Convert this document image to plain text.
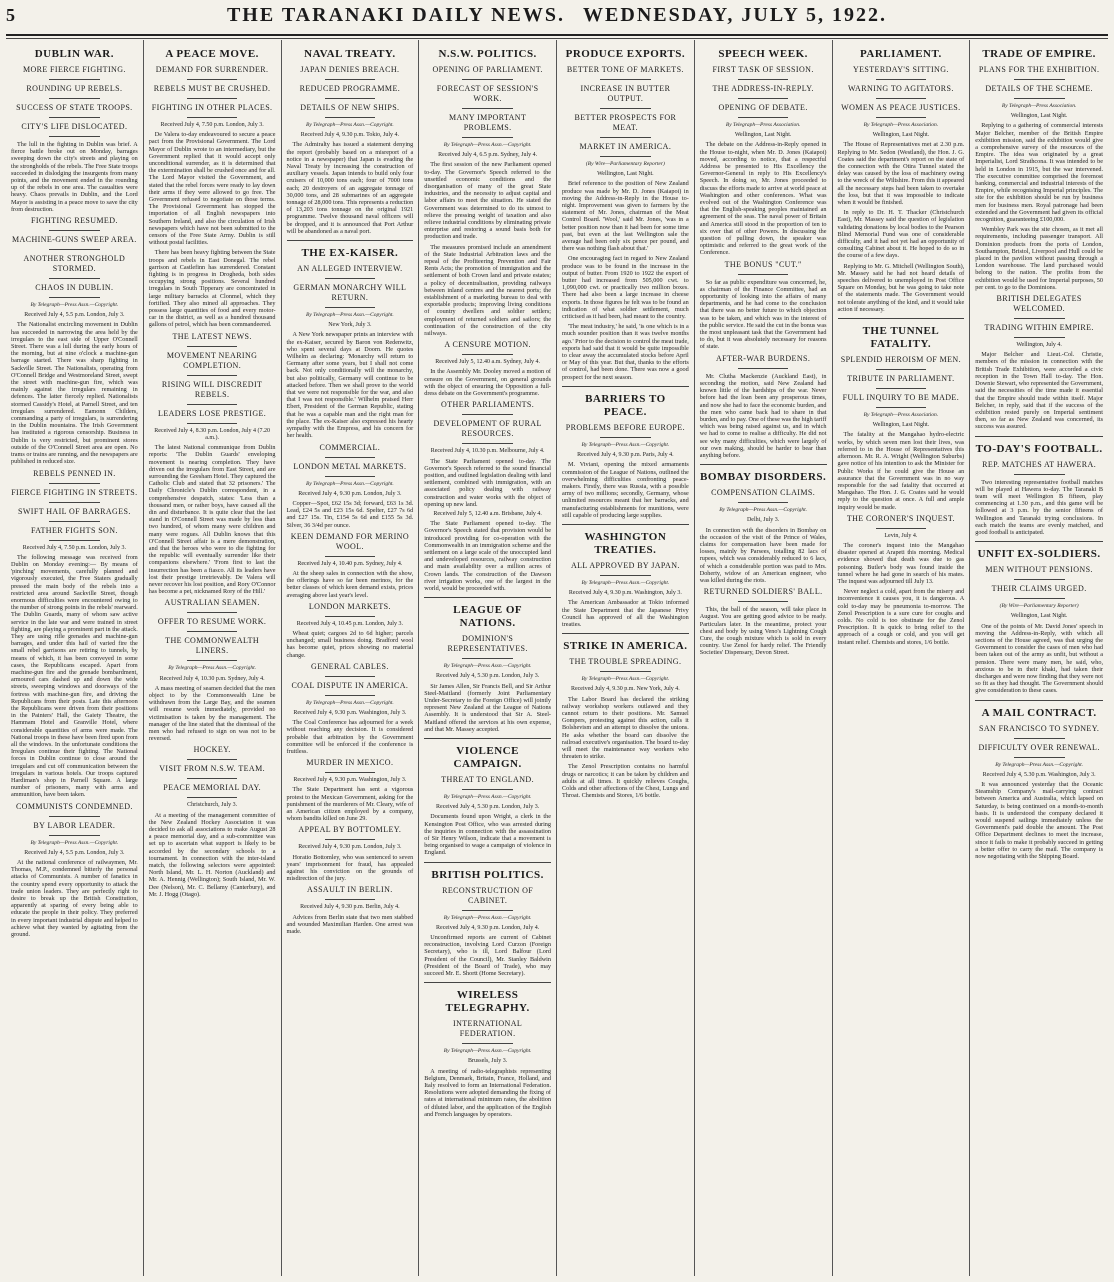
5	THE TARANAKI DAILY NEWS. WEDNESDAY, JULY 5, 1922.
DUBLIN WAR.
MORE FIERCE FIGHTING.
ROUNDING UP REBELS.
SUCCESS OF STATE TROOPS.
CITY'S LIFE DISLOCATED.

The lull in the fighting in Dublin was brief. A fierce battle broke out on Monday, barrages sweeping down the city's streets and playing on the strongholds of the rebels. The Free State troops succeeded in dislodging the insurgents from many points, and the movement ended in the rounding up of the rebels in one area. The casualties were heavy. Chaos prevails in Dublin, and the Lord Mayor is assisting in a peace move to save the city from destruction.

FIGHTING RESUMED.
MACHINE-GUNS SWEEP AREA.
ANOTHER STRONGHOLD STORMED.
CHAOS IN DUBLIN.
By Telegraph—Press Assn.—Copyright.
Received July 4, 5.5 p.m. London, July 3.

The Nationalist encircling movement in Dublin has succeeded in narrowing the area held by the irregulars to the east side of Upper O'Connell Street. There was a lull during the early hours of the morning, but at nine o'clock a machine-gun barrage started. There was sharp fighting in Sackville Street. The Nationalists, operating from O'Connell Bridge and Westmoreland Street, swept the street with machine-gun fire, which was mainly against the irregulars remaining in defences. The latter fiercely replied. Nationalists stormed Cassidy's Hotel, at Parnell Street, and ten irregulars surrendered. Eamonn Childers, commanding a party of irregulars, is surrendering in the Dublin mountains. The Irish Government has instituted a rigorous censorship. Business in Dublin is very restricted, but prominent stores outside of the O'Connell Street area are open. No trams or trains are running, and the newspapers are published in reduced size.

REBELS PENNED IN.
FIERCE FIGHTING IN STREETS.
SWIFT HAIL OF BARRAGES.
FATHER FIGHTS SON.
Received July 4, 7.50 p.m. London, July 3.

The following message was received from Dublin on Monday evening:— By means of 'pinching' movements, carefully planned and vigorously executed, the Free Staters gradually pressed the main body of the rebels into a restricted area around Sackville Street, though enormous difficulties were encountered owing to the number of strong points in the rebels' rearward. The Dublin Guards, many of whom saw active service in the late war and were trained in street fighting, are playing a prominent part in the attack. They are using rifle grenades and machine-gun barrages, and under this hail of varied fire the small rebel garrisons are retiring to tunnels, by means of which, it has been conveyed in some cases, the Republicans escaped. Apart from machine-gun fire and the grenade bombardment, armoured cars dashed up and down the wide streets, sweeping windows and doorways of the fortress with machine-gun fire, and driving the Republicans from their posts. Late this afternoon the Republicans were driven from their positions in the Painters' Hall, the Gaiety Theatre, the Hammam Hotel and Granville Hotel, where considerable quantities of arms were made. The National troops in these have been fired upon from all the windows. In the unfortunate conditions the Irregulars continue their fighting. The National forces in Dublin continue to close around the irregulars and cut off communication between the irregulars in various hotels. Our troops captured Hardiman's shop in Parnell Square. A large number of prisoners, many with arms and ammunition, have been taken.

COMMUNISTS CONDEMNED.
BY LABOR LEADER.
By Telegraph—Press Assn.—Copyright.
Received July 4, 5.5 p.m. London, July 3.

At the national conference of railwaymen, Mr. Thomas, M.P., condemned bitterly the personal attacks of Communists. A number of fanatics in the country spend every opportunity to attack the trade union leaders. They are perfectly right to desire to break up the British Constitution, apparently at sparing of every being able to educate the people in their policy. They preferred in every important industrial dispute and helped to achieve what they wanted by agitating from the ground.

A PEACE MOVE.
DEMAND FOR SURRENDER.
REBELS MUST BE CRUSHED.
FIGHTING IN OTHER PLACES.
Received July 4, 7.50 p.m. London, July 3.

De Valera to-day endeavoured to secure a peace pact from the Provisional Government. The Lord Mayor of Dublin wrote to an intermediary, but the Government replied that it would accept only unconditional surrender, as it is determined that the extermination shall be crushed once and for all. The Lord Mayor visited the Government, and stated that the rebel forces were ready to lay down their arms if they were allowed to go free. The Government refused to negotiate on those terms. The Provisional Government has stopped the importation of all English newspapers into Southern Ireland, and also the circulation of Irish newspapers which have not been submitted to the censors of the Free State Army. Dublin is still without postal facilities.

There has been heavy fighting between the State troops and rebels in East Donegal. The rebel garrison at Castlefinn has surrendered. Constant fighting is in progress in Drogheda, both sides occupying strong positions. Several hundred irregulars in South Tipperary are concentrated in large military barracks at Clonmel, which they fortified. They also mined all approaches. They possess large quantities of food and every motor-car in the district, as well as a hundred thousand gallons of petrol, which has been commandeered.

THE LATEST NEWS.
MOVEMENT NEARING COMPLETION.
RISING WILL DISCREDIT REBELS.
LEADERS LOSE PRESTIGE.
Received July 4, 8.30 p.m. London, July 4 (7.20 a.m.).

The latest National communique from Dublin reports: 'The Dublin Guards' enveloping movement is nearing completion. They have driven out the irregulars from East Street, and are surrounding the Gresham Hotel. They captured the Catholic Club and stated that 32 prisoners.' The Daily Chronicle's Dublin correspondent, in a comprehensive despatch, states: 'Less than a thousand men, or rather boys, have caused all the din and disturbance. It is quite clear that the last stand in O'Connell Street was made by less than two hundred, of whom many were children and many were rogues. All Dublin knows that this O'Connell Street affair is a mere demonstration, and that the heroes who were to die fighting for the republic will eventually surrender like their companions elsewhere.' 'From first to last the insurrection has been a fiasco. All its leaders have lost their prestige irretrievably. De Valera will never recover his lost position, and Rory O'Connor has become a pet, nicknamed Rory of the Hill.'

AUSTRALIAN SEAMEN.
OFFER TO RESUME WORK.
THE COMMONWEALTH LINERS.
By Telegraph—Press Assn.—Copyright.
Received July 4, 10.30 p.m. Sydney, July 4.

A mass meeting of seamen decided that the men object to by the Commonwealth Line be withdrawn from the Large Bay, and the seamen will resume work immediately, provided no victimisation is taken by the management. The manager of the line stated that the dismissal of the men who had refused to sign on was not to be reversed.

HOCKEY.
VISIT FROM N.S.W. TEAM.
PEACE MEMORIAL DAY.
Christchurch, July 3.

At a meeting of the management committee of the New Zealand Hockey Association it was decided to ask all associations to make August 28 a peace memorial day, and a sub-committee was set up to ascertain what support is likely to be accorded by the secondary schools to a tournament. In connection with the inter-island match, the following selectors were appointed: North Island, Mr. L. H. Norton (Auckland) and Mr. A. Hennig (Wellington); South Island, Mr. W. Dee (Nelson), Mr. C. Bellamy (Canterbury), and Mr. J. Hogg (Otago).

NAVAL TREATY.
JAPAN DENIES BREACH.
REDUCED PROGRAMME.
DETAILS OF NEW SHIPS.
By Telegraph—Press Assn.—Copyright.
Received July 4, 9.30 p.m. Tokio, July 4.

The Admiralty has issued a statement denying the report (probably based on a misreport of a notice in a newspaper) that Japan is evading the Naval Treaty by increasing the construction of auxiliary vessels. Japan intends to build only four cruisers of 10,000 tons each; four of 7000 tons each; 20 destroyers of an aggregate tonnage of 30,000 tons, and 28 submarines of an aggregate tonnage of 28,000 tons. This represents a reduction of 13,203 tons tonnage on the original 1921 programme. Twelve thousand naval officers will be dropped, and it is announced that Port Arthur will be abandoned as a naval port.

THE EX-KAISER.
AN ALLEGED INTERVIEW.
GERMAN MONARCHY WILL RETURN.
By Telegraph—Press Assn.—Copyright.
New York, July 3.

A New York newspaper prints an interview with the ex-Kaiser, secured by Baron von Redenwitz, who spent several days at Doorn. He quotes Wilhelm as declaring: 'Monarchy will return to Germany after some years, but I shall not come back. Not only conditionally will the monarchy, but also politically, Germany will continue to be attacked before. Then we shall prove to the world that we were not responsible for the war, and also that I was not responsible.' Wilhelm praised Herr Ebert, President of the German Republic, stating that he was a capable man and the right man for the place. The ex-Kaiser also expressed his hearty sympathy with the Empress, and his concern for her health.

COMMERCIAL.
LONDON METAL MARKETS.
By Telegraph—Press Assn.—Copyright.
Received July 4, 9.30 p.m. London, July 3.

Copper—Spot, £62 15s 3d; forward, £63 1s 3d. Lead, £24 5s and £23 15s 6d. Spelter, £27 7s 6d and £27 15s. Tin, £154 5s 6d and £155 5s 3d. Silver, 36 3/4d per ounce.

KEEN DEMAND FOR MERINO WOOL.
Received July 4, 10.40 p.m. Sydney, July 4.

At the sheep sales in connection with the show, the offerings have so far been merinos, for the better classes of which keen demand exists, prices averaging above last year's level.

LONDON MARKETS.
Received July 4, 10.45 p.m. London, July 3.

Wheat quiet; cargoes 2d to 6d higher; parcels unchanged; small business doing. Bradford wool has become quiet, prices showing no material change.

GENERAL CABLES.
COAL DISPUTE IN AMERICA.
By Telegraph—Press Assn.—Copyright.
Received July 4, 9.30 p.m. Washington, July 3.

The Coal Conference has adjourned for a week without reaching any decision. It is considered probable that arbitration by the Government committee will be enforced if the conference is fruitless.

MURDER IN MEXICO.
Received July 4, 9.30 p.m. Washington, July 3.

The State Department has sent a vigorous protest to the Mexican Government, asking for the punishment of the murderers of Mr. Cleary, wife of an American citizen employed by a company, whom bandits killed on June 29.

APPEAL BY BOTTOMLEY.
Received July 4, 9.30 p.m. London, July 3.

Horatio Bottomley, who was sentenced to seven years' imprisonment for fraud, has appealed against his conviction on the grounds of misdirection of the jury.

ASSAULT IN BERLIN.
Received July 4, 9.30 p.m. Berlin, July 4.

Advices from Berlin state that two men stabbed and wounded Maximilian Harden. One arrest was made.

N.S.W. POLITICS.
OPENING OF PARLIAMENT.
FORECAST OF SESSION'S WORK.
MANY IMPORTANT PROBLEMS.
By Telegraph—Press Assn.—Copyright.
Received July 4, 6.5 p.m. Sydney, July 4.

The first session of the new Parliament opened to-day. The Governor's Speech referred to the unsettled economic conditions and the disorganisation of many of the great State industries, and the necessity to adjust capital and labor affairs to meet the situation. He stated the Government was determined to do its utmost to relieve the pressing weight of taxation and also relieve industrial conditions by eliminating private enterprise and restoring a sound basis both for production and trade.

The measures promised include an amendment of the State Industrial Arbitration laws and the repeal of the Profiteering Prevention and Fair Rents Acts; the promotion of immigration and the settlement of both Crown land and private estates; a policy of decentralisation, providing railways between inland centres and the nearest ports; the establishment of a marketing bureau to deal with exportable products; improving living conditions of country dwellers and soldier settlers; employment of returned soldiers and sailors; the continuation of the construction of the city railways.

A CENSURE MOTION.
Received July 5, 12.40 a.m. Sydney, July 4.

In the Assembly Mr. Dooley moved a motion of censure on the Government, on general grounds with the object of ensuring the Opposition a full-dress debate on the Government's programme.

OTHER PARLIAMENTS.
DEVELOPMENT OF RURAL RESOURCES.
Received July 4, 10.30 p.m. Melbourne, July 4.

The State Parliament opened to-day. The Governor's Speech referred to the sound financial position, and outlined legislation dealing with land settlement, combined with immigration, with an associated policy dealing with railway construction and water works with the object of opening up new land.

Received July 5, 12.40 a.m. Brisbane, July 4.

The State Parliament opened to-day. The Governor's Speech stated that provision would be introduced providing for co-operation with the Commonwealth in an immigration scheme and the settlement on a large scale of the unoccupied land and undeveloped resources, railway construction and main availability over a million acres of Crown lands. The construction of the Dawson river irrigation works, one of the largest in the world, would be proceeded with.

LEAGUE OF NATIONS.
DOMINION'S REPRESENTATIVES.
By Telegraph—Press Assn.—Copyright.
Received July 4, 5.30 p.m. London, July 3.

Sir James Allen, Sir Francis Bell, and Sir Arthur Steel-Maitland (formerly Joint Parliamentary Under-Secretary to the Foreign Office) will jointly represent New Zealand at the League of Nations Assembly. It is understood that Sir A. Steel-Maitland offered the services at his own expense, and that Mr. Massey accepted.

VIOLENCE CAMPAIGN.
THREAT TO ENGLAND.
By Telegraph—Press Assn.—Copyright.
Received July 4, 5.30 p.m. London, July 3.

Documents found upon Wright, a clerk in the Kensington Post Office, who was arrested during the inquiries in connection with the assassination of Sir Henry Wilson, indicate that a movement is being organised to wage a campaign of violence in England.

BRITISH POLITICS.
RECONSTRUCTION OF CABINET.
By Telegraph—Press Assn.—Copyright.
Received July 4, 9.30 p.m. London, July 4.

Unconfirmed reports are current of Cabinet reconstruction, involving Lord Curzon (Foreign Secretary), who is ill, Lord Balfour (Lord President of the Council), Mr. Stanley Baldwin (President of the Board of Trade), who may succeed Mr. E. Shortt (Home Secretary).

WIRELESS TELEGRAPHY.
INTERNATIONAL FEDERATION.
By Telegraph—Press Assn.—Copyright.
Brussels, July 3.

A meeting of radio-telegraphists representing Belgium, Denmark, Britain, France, Holland, and Italy resolved to form an International Federation. Resolutions were adopted demanding the fixing of rates at international minimum rates, the abolition of diluted labor, and the application of the English and French languages by operators.

PRODUCE EXPORTS.
BETTER TONE OF MARKETS.
INCREASE IN BUTTER OUTPUT.
BETTER PROSPECTS FOR MEAT.
MARKET IN AMERICA.
(By Wire—Parliamentary Reporter)
Wellington, Last Night.

Brief reference to the position of New Zealand produce was made by Mr. D. Jones (Kaiapoi) in moving the Address-in-Reply in the House to-night. Improvement was given to farmers by the statement of Mr. Jones, chairman of the Meat Control Board. 'Wool,' said Mr. Jones, 'was in a better position now than it had been for some time past, but even at the last Wellington sale the average had been only six pence per pound, and there was nothing flash about that.'

One encouraging fact in regard to New Zealand produce was to be found in the increase in the output of butter. From 1920 to 1922 the export of butter had increased from 505,000 cwt. to 1,090,000 cwt. or practically two million boxes. There had also been a large increase in cheese exports. In those figures he felt was to be found an indication of what soldier settlement, much criticised as it had been, had meant to the country.

'The meat industry,' he said, 'is one which is in a much sounder position than it was twelve months ago.' Prior to the decision to control the meat trade, exports had said that it would be quite impossible to clear away the accumulated stocks before April or May of this year. But that, thanks to the efforts of control, had been done. There was now a good prospect for the next season.

BARRIERS TO PEACE.
PROBLEMS BEFORE EUROPE.
By Telegraph—Press Assn.—Copyright.
Received July 4, 9.30 p.m. Paris, July 4.

M. Viviani, opening the mixed armaments commission of the League of Nations, outlined the overwhelming difficulties confronting peace-makers. Firstly, there was Russia, with a possible army of two millions; secondly, Germany, whose unlimited resources meant that her barracks, and manufacturing establishments for munitions, were still capable of producing large supplies.

WASHINGTON TREATIES.
ALL APPROVED BY JAPAN.
By Telegraph—Press Assn.—Copyright.
Received July 4, 9.30 p.m. Washington, July 3.

The American Ambassador at Tokio informed the State Department that the Japanese Privy Council has approved of all the Washington treaties.

STRIKE IN AMERICA.
THE TROUBLE SPREADING.
By Telegraph—Press Assn.—Copyright.
Received July 4, 9.30 p.m. New York, July 4.

The Labor Board has declared the striking railway workshop workers outlawed and they cannot return to their positions. Mr. Samuel Gompers, protesting against this action, calls it Bolshevism and an attempt to dissolve the unions. He asks whether the board can dissolve the railroad executive's organisation. The board to-day will meet the maintenance way workers who threaten to strike.

The Zenol Prescription contains no harmful drugs or narcotics; it can be taken by children and adults at all times. It quickly relieves Coughs, Colds and other affections of the Chest, Lungs and Throat. Chemists and Stores, 1/6 bottle.

SPEECH WEEK.
FIRST TASK OF SESSION.
THE ADDRESS-IN-REPLY.
OPENING OF DEBATE.
By Telegraph—Press Association.
Wellington, Last Night.

The debate on the Address-in-Reply opened in the House to-night, when Mr. D. Jones (Kaiapoi) moved, according to notice, that a respectful Address be presented to His Excellency the Governor-General in reply to His Excellency's Speech. In doing so, Mr. Jones proceeded to discuss the efforts made to arrive at world peace at Washington and other conferences. What was evolved out of the Washington Conference was that the English-speaking peoples maintained an agreement of the seas. The naval power of Britain and America still stood in the proportion of ten to six over that of other Powers. In discussing the question of pulling down, the speaker was optimistic and referred to the great work of the Conference.

THE BONUS "CUT."

So far as public expenditure was concerned, he, as chairman of the Finance Committee, had an opportunity of looking into the affairs of many departments, and he had come to the conclusion that there was no better future to which objection was to be taken, and which was in the interest of the public service. He said the cut in the bonus was the most unpleasant task that the Government had to do, but it was absolutely necessary for reasons of state.

AFTER-WAR BURDENS.

Mr. Clutha Mackenzie (Auckland East), in seconding the motion, said New Zealand had known little of the hardships of the war. Never before had the loan been any prosperous times, and now she had to face the economic burden, and the men who came back had to share in that burden, and to pay. One of these was the high tariff which was being raised against us, and in which we had to come to realise a difficulty. He did not see why many difficulties, which were largely of our own making, should be harder to bear than anything before.

BOMBAY DISORDERS.
COMPENSATION CLAIMS.
By Telegraph—Press Assn.—Copyright.
Delhi, July 3.

In connection with the disorders in Bombay on the occasion of the visit of the Prince of Wales, claims for compensation have been made for losses, mainly by Parsees, totalling 82 lacs of rupees, which was considerably reduced to 6 lacs, of which a considerable portion was paid to Mrs. Doherty, widow of an American engineer, who was killed during the riots.

RETURNED SOLDIERS' BALL.

This, the ball of the season, will take place in August. You are getting good advice to be ready. Particulars later. In the meantime, protect your chest and body by using Veno's Lightning Cough Cure, the cough mixture which is sold in every country. Use Zenol for hardy relief. The Friendly Societies' Dispensary, Devon Street.

PARLIAMENT.
YESTERDAY'S SITTING.
WARNING TO AGITATORS.
WOMEN AS PEACE JUSTICES.
By Telegraph—Press Association.
Wellington, Last Night.

The House of Representatives met at 2.30 p.m. Replying to Mr. Sedon (Westland), the Hon. J. G. Coates said the department's report on the state of the connection with the Otira Tunnel stated the delay was caused by the loss of machinery owing to the wreck of the Wiltshire. From this it appeared all the necessary steps had been taken to overtake the loss, but that it was impossible to indicate when it would be finished.

In reply to Dr. H. T. Thacker (Christchurch East), Mr. Massey said the question of legislation validating donations by local bodies to the Pearson Blind Memorial Fund was one of considerable difficulty, and it had not yet had an opportunity of consulting Cabinet about it. He hoped to do so in the course of a few days.

Replying to Mr. G. Mitchell (Wellington South), Mr. Massey said he had not heard details of speeches delivered to unemployed in Post Office Square on Monday, but he was going to take note of the statements made. The Government would not tolerate anything of the kind, and it would take action if necessary.

THE TUNNEL FATALITY.
SPLENDID HEROISM OF MEN.
TRIBUTE IN PARLIAMENT.
FULL INQUIRY TO BE MADE.
By Telegraph—Press Association.
Wellington, Last Night.

The fatality at the Mangahao hydro-electric works, by which seven men lost their lives, was referred to in the House of Representatives this afternoon. Mr. R. A. Wright (Wellington Suburbs) gave notice of his intention to ask the Minister for Public Works if he could give the House an assurance that the Government was in no way responsible for the sad fatality that occurred at Mangahao. The Hon. J. G. Coates said he would reply to the question at once. A full and ample inquiry would be made.

THE CORONER'S INQUEST.
Levin, July 4.

The coroner's inquest into the Mangahao disaster opened at Arapeti this morning. Medical evidence showed that death was due to gas poisoning. Butler's body was found inside the tunnel where he had gone in search of his mates. The inquest was adjourned till July 13.

Never neglect a cold, apart from the misery and inconvenience it causes you, it is dangerous. A cold to-day may be pneumonia to-morrow. The Zenol Prescription is a sure cure for coughs and colds. No cold is too obstinate for the Zenol Prescription. It is quick to bring relief to the approach of a cough or cold, and you will get instant relief. Chemists and stores, 1/6 bottle.

TRADE OF EMPIRE.
PLANS FOR THE EXHIBITION.
DETAILS OF THE SCHEME.
By Telegraph—Press Association.
Wellington, Last Night.

Replying to a gathering of commercial interests Major Belcher, member of the British Empire exhibition mission, said the exhibition would give a comprehensive survey of the resources of the Empire. The idea was originated by a great Imperialist, Lord Strathcona. It was intended to be held in London in 1915, but the war intervened. The executive committee comprised the foremost banking, commercial and industrial interests of the Empire, while recognising Imperial principles. The site for the exhibition should be run by business men for business men. Royal patronage had been extended and the Government had given its official recognition, guaranteeing £100,000.

Wembley Park was the site chosen, as it met all requirements, including passenger transport. All Dominion products from the ports of London, Southampton, Bristol, Liverpool and Hull could be placed in the pavilion without passing through a London warehouse. The land purchased would belong to the nation. The profits from the exhibition would be used for Imperial purposes, 50 per cent. to go to the Dominions.

BRITISH DELEGATES WELCOMED.
TRADING WITHIN EMPIRE.
Wellington, July 4.

Major Belcher and Lieut.-Col. Christie, members of the mission in connection with the British Trade Exhibition, were accorded a civic reception in the Town Hall to-day. The Hon. Downie Stewart, who represented the Government, said the necessities of the time made it essential that the Empire should trade within itself. Major Belcher, in reply, said that if the success of the exhibition rested purely on Imperial sentiment then, so far as New Zealand was concerned, its success was assured.

TO-DAY'S FOOTBALL.
REP. MATCHES AT HAWERA.

Two interesting representative football matches will be played at Hawera to-day. The Taranaki B team will meet Wellington B fifteen, play commencing at 1.30 p.m., and this game will be followed at 3 p.m. by the senior fifteens of Wellington and Taranaki trying conclusions. In each match the teams are evenly matched, and good football is anticipated.

UNFIT EX-SOLDIERS.
MEN WITHOUT PENSIONS.
THEIR CLAIMS URGED.
(By Wire—Parliamentary Reporter)
Wellington, Last Night.

One of the points of Mr. David Jones' speech in moving the Address-in-Reply, with which all sections of the House agreed, was that urging the Government to consider the cases of men who had been taken out of the army as unfit, but without a pension. There were many men, he said, who, anxious to be in their khaki, had taken their discharges and were now finding that they were not so fit as they had thought. The Government should give consideration to these cases.

A MAIL CONTRACT.
SAN FRANCISCO TO SYDNEY.
DIFFICULTY OVER RENEWAL.
By Telegraph—Press Assn.—Copyright.
Received July 4, 5.30 p.m. Washington, July 3.

It was announced yesterday that the Oceanic Steamship Company's mail-carrying contract between America and Australia, which lapsed on Saturday, is being continued on a month-to-month basis. It is understood the company declared it would suspend sailings immediately unless the Government's paid double the amount. The Post Office Department declines to meet the increase, since it fails to make it probably succeed in getting a better offer to carry the mail. The company is now negotiating with the Shipping Board.
